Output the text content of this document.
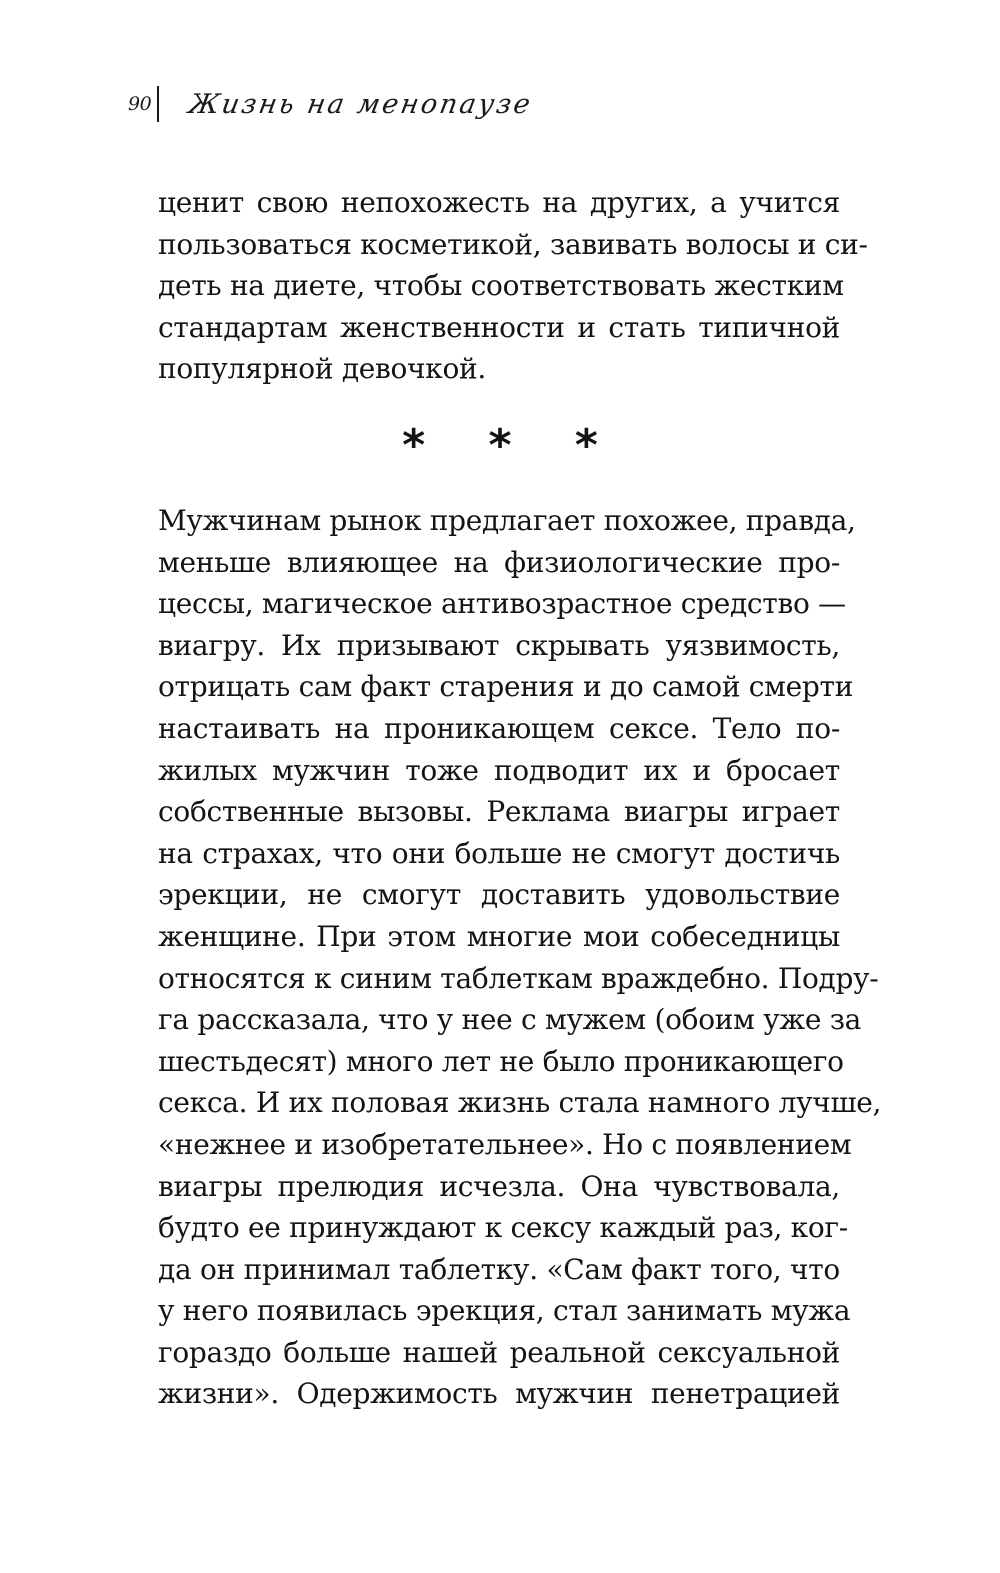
90 Жизнь на менопаузе
ценит свою непохожесть на других, а учится
пользоваться косметикой, завивать волосы и си-
деть на диете, чтобы соответствовать жестким
стандартам женственности и стать типичной
популярной девочкой.
* * *
Мужчинам рынок предлагает похожее, правда,
меньше влияющее на физиологические про-
цессы, магическое антивозрастное средство —
виагру. Их призывают скрывать уязвимость,
отрицать сам факт старения и до самой смерти
настаивать на проникающем сексе. Тело по-
жилых мужчин тоже подводит их и бросает
собственные вызовы. Реклама виагры играет
на страхах, что они больше не смогут достичь
эрекции, не смогут доставить удовольствие
женщине. При этом многие мои собеседницы
относятся к синим таблеткам враждебно. Подру-
га рассказала, что у нее с мужем (обоим уже за
шестьдесят) много лет не было проникающего
секса. И их половая жизнь стала намного лучше,
«нежнее и изобретательнее». Но с появлением
виагры прелюдия исчезла. Она чувствовала,
будто ее принуждают к сексу каждый раз, ког-
да он принимал таблетку. «Сам факт того, что
у него появилась эрекция, стал занимать мужа
гораздо больше нашей реальной сексуальной
жизни». Одержимость мужчин пенетрацией
